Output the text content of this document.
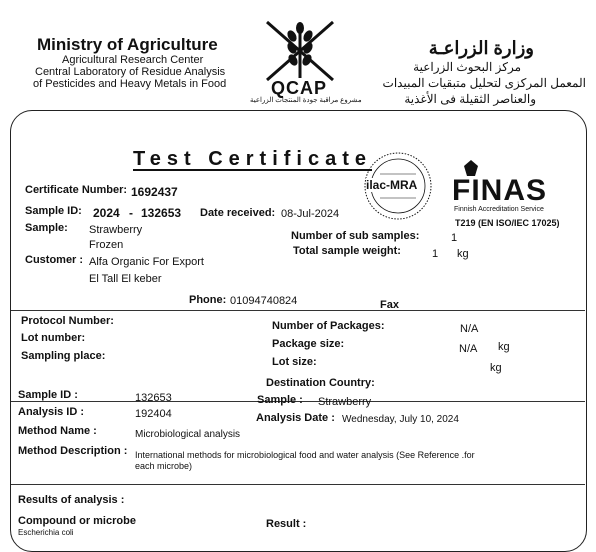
Ministry of Agriculture
Agricultural Research Center
Central Laboratory of Residue Analysis
of Pesticides and Heavy Metals in Food QCAP
مشروع مراقبة جودة المنتجات الزراعية
وزارة الزراعـة
مركز البحوث الزراعية
المعمل المركزى لتحليل متبقيات المبيدات
والعناصر الثقيلة فى الأغذية
Test Certificate
ilac-MRA FINAS
Finnish Accreditation Service
T219 (EN ISO/IEC 17025)
Certificate Number: 1692437
Sample ID: 2024 - 132653 Date received: 08-Jul-2024
Sample: Strawberry
Frozen
Number of sub samples:	1
Total sample weight:	1 kg
Customer : Alfa Organic For Export
El Tall El keber
Phone: 01094740824	Fax
Protocol Number:
Lot number:
Sampling place:
Number of Packages:	N/A
Package size:	N/A kg
Lot size:	kg
Destination Country:
Sample ID :	132653	Sample : Strawberry
Analysis ID :	192404	Analysis Date : Wednesday, July 10, 2024
Method Name :	Microbiological analysis
Method Description : International methods for microbiological food and water analysis (See Reference .for
each microbe)
Results of analysis :
Compound or microbe
Escherichia coli
Result :
